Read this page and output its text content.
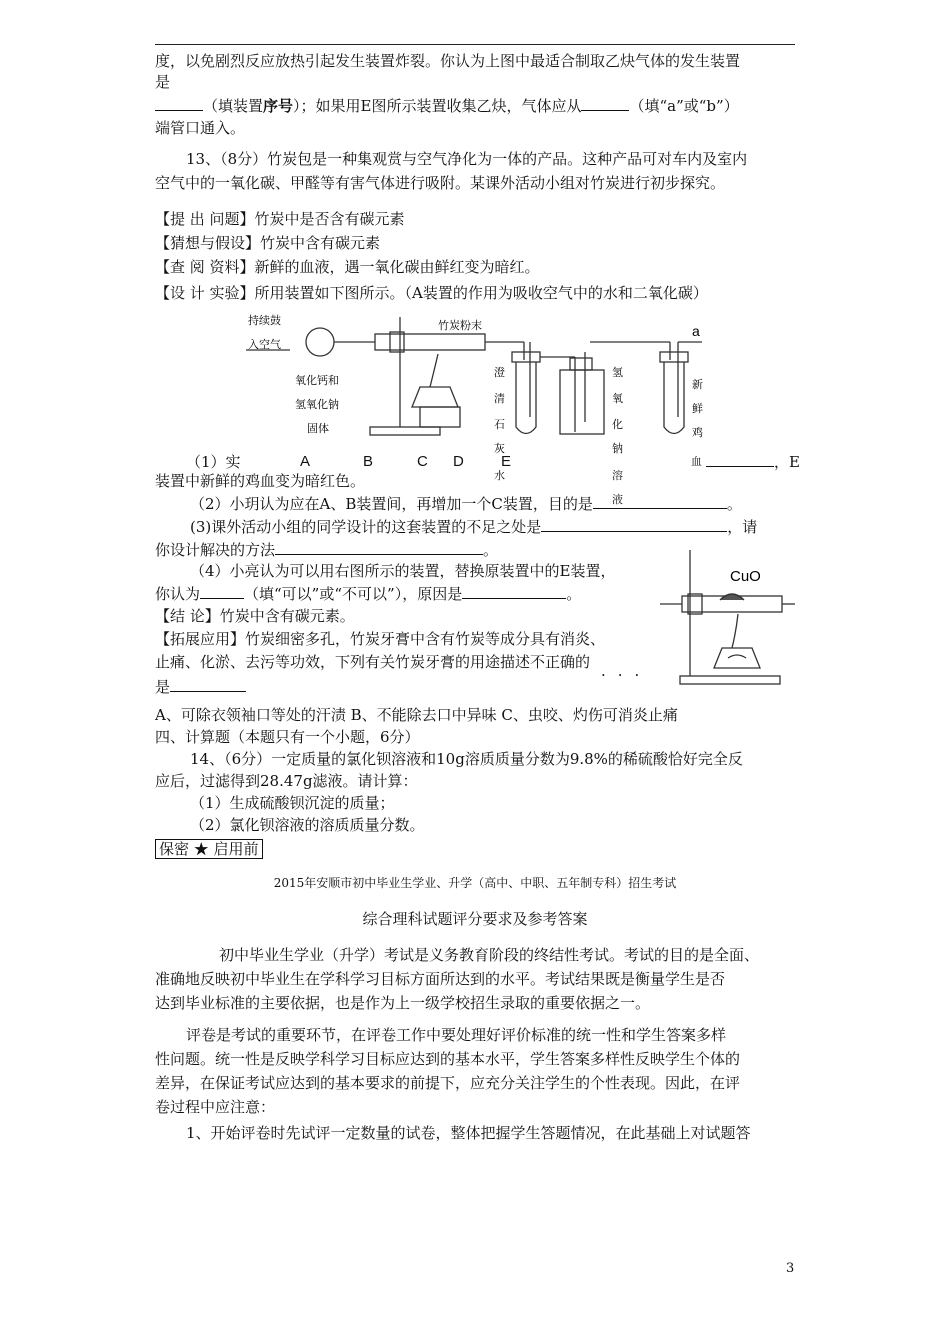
度，以免剧烈反应放热引起发生装置炸裂。你认为上图中最适合制取乙炔气体的发生装置
是
（填装置序号）；如果用E图所示装置收集乙炔，气体应从	（填“a”或“b”）
端管口通入。
13、（8分）竹炭包是一种集观赏与空气净化为一体的产品。这种产品可对车内及室内
空气中的一氧化碳、甲醛等有害气体进行吸附。某课外活动小组对竹炭进行初步探究。
【提 出 问题】竹炭中是否含有碳元素
【猜想与假设】竹炭中含有碳元素
【查 阅 资料】新鲜的血液，遇一氧化碳由鲜红变为暗红。
【设 计 实验】所用装置如下图所示。（A装置的作用为吸收空气中的水和二氧化碳）
持续鼓
入空气
竹炭粉末	a
氧化钙和
氢氧化钠
固体
澄
清
石
灰
氢
氧
化
钠
新
鲜
鸡
（1）实	A	B	C D E
水	溶
液
血	，E
装置中新鲜的鸡血变为暗红色。
（2）小玥认为应在A、B装置间，再增加一个C装置，目的是	。
(3)课外活动小组的同学设计的这套装置的不足之处是	，请
你设计解决的方法	。
（4）小亮认为可以用右图所示的装置，替换原装置中的E装置，
你认为	（填“可以”或“不可以”），原因是	。
【结 论】竹炭中含有碳元素。
【拓展应用】竹炭细密多孔，竹炭牙膏中含有竹炭等成分具有消炎、
止痛、化淤、去污等功效，下列有关竹炭牙膏的用途描述不正确的
···
是
CuO
A、可除衣领袖口等处的汗渍 B、不能除去口中异味 C、虫咬、灼伤可消炎止痛
四、计算题（本题只有一个小题，6分）
14、（6分）一定质量的氯化钡溶液和10g溶质质量分数为9.8%的稀硫酸恰好完全反
应后，过滤得到28.47g滤液。请计算：
（1）生成硫酸钡沉淀的质量；
（2）氯化钡溶液的溶质质量分数。
保密 ★ 启用前
2015年安顺市初中毕业生学业、升学（高中、中职、五年制专科）招生考试
综合理科试题评分要求及参考答案
初中毕业生学业（升学）考试是义务教育阶段的终结性考试。考试的目的是全面、
准确地反映初中毕业生在学科学习目标方面所达到的水平。考试结果既是衡量学生是否
达到毕业标准的主要依据，也是作为上一级学校招生录取的重要依据之一。
评卷是考试的重要环节，在评卷工作中要处理好评价标准的统一性和学生答案多样
性问题。统一性是反映学科学习目标应达到的基本水平，学生答案多样性反映学生个体的
差异，在保证考试应达到的基本要求的前提下，应充分关注学生的个性表现。因此，在评
卷过程中应注意：
1、开始评卷时先试评一定数量的试卷，整体把握学生答题情况，在此基础上对试题答
3
